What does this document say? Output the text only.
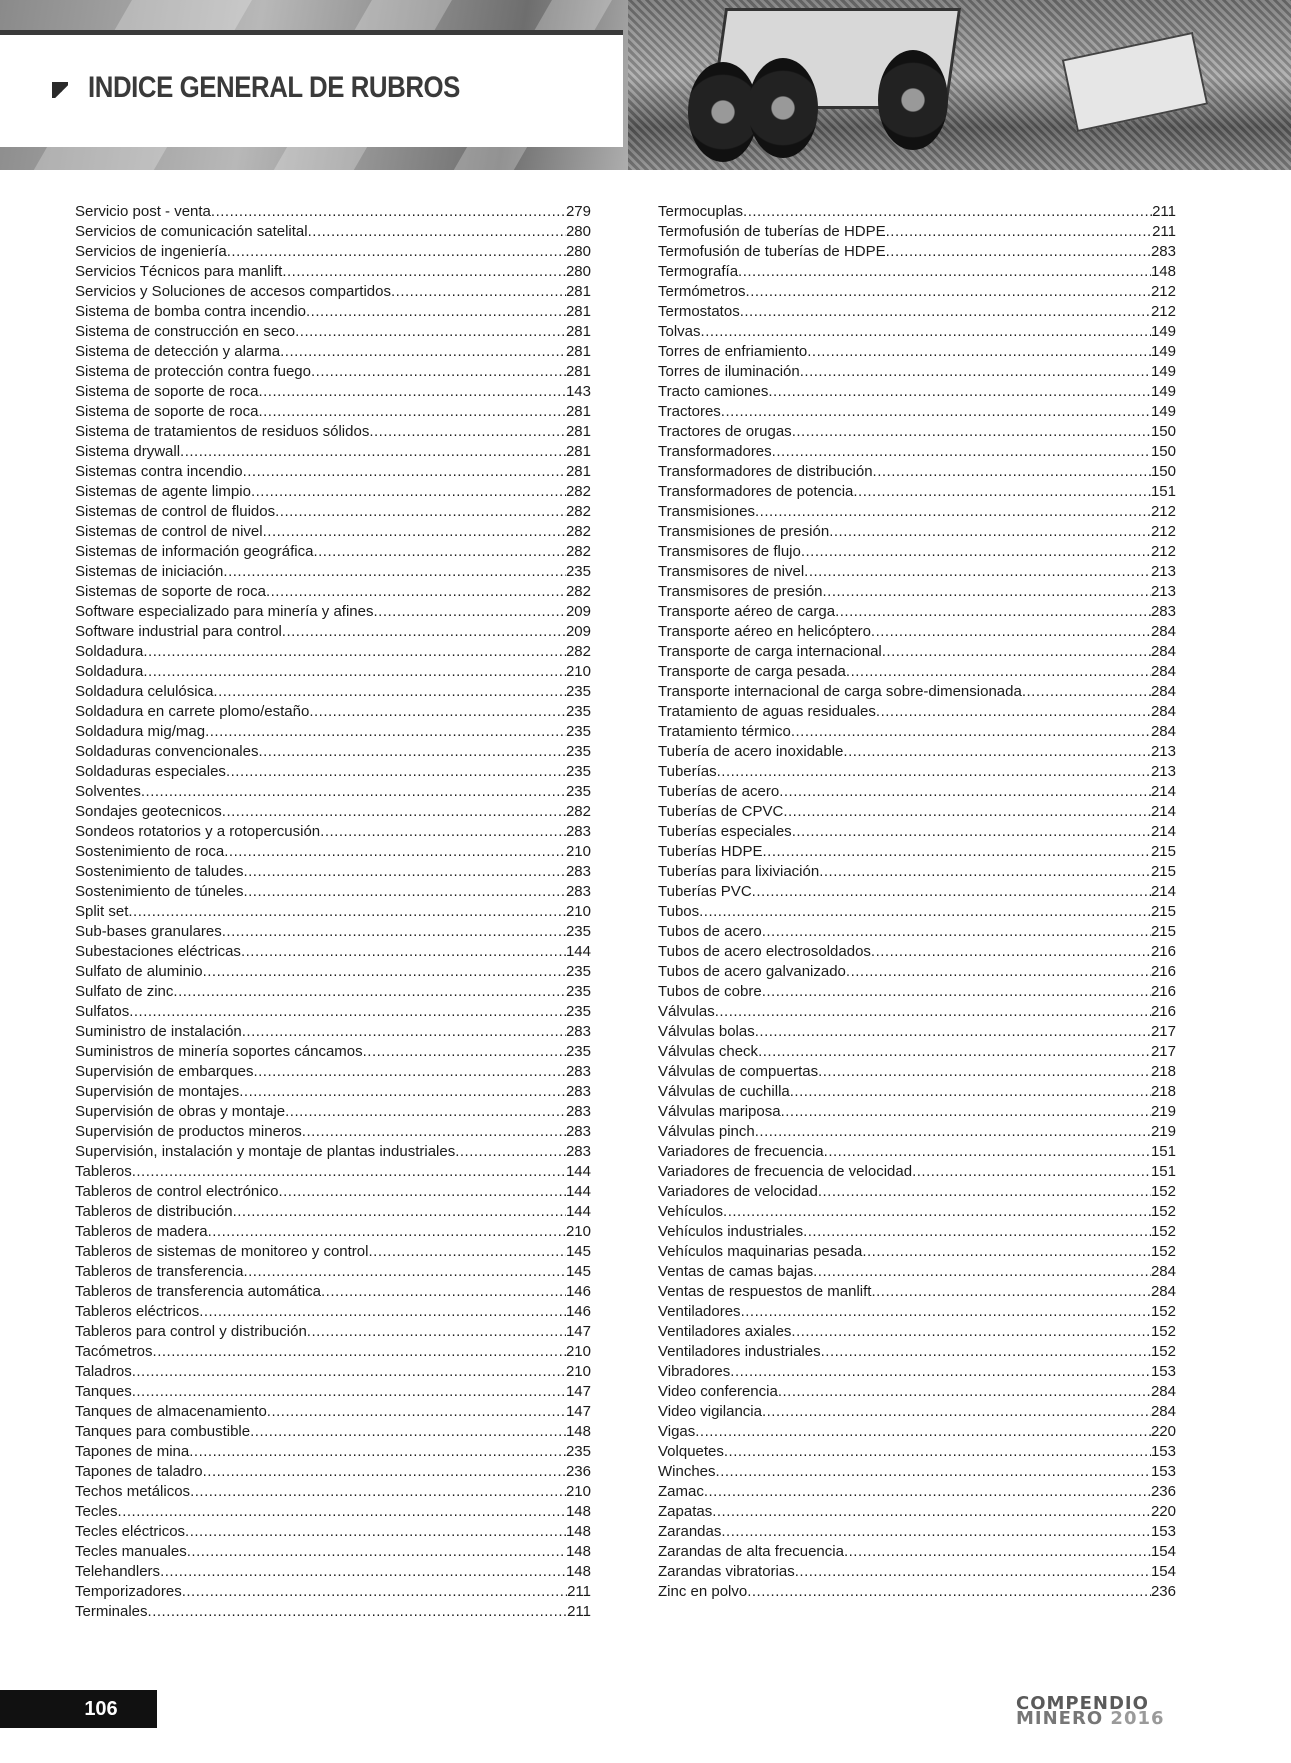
INDICE GENERAL DE RUBROS
Servicio post - venta .....	279
Servicios de comunicación satelital .....	280
Servicios de ingeniería .....	280
Servicios Técnicos para manlift .....	280
Servicios y Soluciones de accesos compartidos .....	281
Sistema de bomba contra incendio .....	281
Sistema de construcción en seco .....	281
Sistema de detección y alarma .....	281
Sistema de protección contra fuego .....	281
Sistema de soporte de roca .....	143
Sistema de soporte de roca .....	281
Sistema de tratamientos de residuos sólidos .....	281
Sistema drywall .....	281
Sistemas contra incendio .....	281
Sistemas de agente limpio .....	282
Sistemas de control de fluidos .....	282
Sistemas de control de nivel .....	282
Sistemas de información geográfica .....	282
Sistemas de iniciación .....	235
Sistemas de soporte de roca .....	282
Software especializado para minería y afines .....	209
Software industrial para control .....	209
Soldadura .....	282
Soldadura .....	210
Soldadura celulósica .....	235
Soldadura en carrete plomo/estaño .....	235
Soldadura mig/mag .....	235
Soldaduras convencionales .....	235
Soldaduras especiales .....	235
Solventes .....	235
Sondajes geotecnicos .....	282
Sondeos rotatorios y a rotopercusión .....	283
Sostenimiento de roca .....	210
Sostenimiento de taludes .....	283
Sostenimiento de túneles .....	283
Split set .....	210
Sub-bases granulares .....	235
Subestaciones eléctricas .....	144
Sulfato de aluminio .....	235
Sulfato de zinc .....	235
Sulfatos .....	235
Suministro de instalación .....	283
Suministros de minería soportes cáncamos .....	235
Supervisión de embarques .....	283
Supervisión de montajes .....	283
Supervisión de obras y montaje .....	283
Supervisión de productos mineros .....	283
Supervisión, instalación y montaje de plantas industriales .....	283
Tableros .....	144
Tableros de control electrónico .....	144
Tableros de distribución .....	144
Tableros de madera .....	210
Tableros de sistemas de monitoreo y control .....	145
Tableros de transferencia .....	145
Tableros de transferencia automática .....	146
Tableros eléctricos .....	146
Tableros para control y distribución .....	147
Tacómetros .....	210
Taladros .....	210
Tanques .....	147
Tanques de almacenamiento .....	147
Tanques para combustible .....	148
Tapones de mina .....	235
Tapones de taladro .....	236
Techos metálicos .....	210
Tecles .....	148
Tecles eléctricos .....	148
Tecles manuales .....	148
Telehandlers .....	148
Temporizadores .....	211
Terminales .....	211
Termocuplas .....	211
Termofusión de tuberías de HDPE .....	211
Termofusión de tuberías de HDPE .....	283
Termografía .....	148
Termómetros .....	212
Termostatos .....	212
Tolvas .....	149
Torres de enfriamiento .....	149
Torres de iluminación .....	149
Tracto camiones .....	149
Tractores .....	149
Tractores de orugas .....	150
Transformadores .....	150
Transformadores de distribución .....	150
Transformadores de potencia .....	151
Transmisiones .....	212
Transmisiones de presión .....	212
Transmisores de flujo .....	212
Transmisores de nivel .....	213
Transmisores de presión .....	213
Transporte aéreo de carga .....	283
Transporte aéreo en helicóptero .....	284
Transporte de carga internacional .....	284
Transporte de carga pesada .....	284
Transporte internacional de carga sobre-dimensionada .....	284
Tratamiento de aguas residuales .....	284
Tratamiento térmico .....	284
Tubería de acero inoxidable .....	213
Tuberías .....	213
Tuberías de acero .....	214
Tuberías de CPVC .....	214
Tuberías especiales .....	214
Tuberías HDPE .....	215
Tuberías para lixiviación .....	215
Tuberías PVC .....	214
Tubos .....	215
Tubos de acero .....	215
Tubos de acero electrosoldados .....	216
Tubos de acero galvanizado .....	216
Tubos de cobre .....	216
Válvulas .....	216
Válvulas bolas .....	217
Válvulas check .....	217
Válvulas de compuertas .....	218
Válvulas de cuchilla .....	218
Válvulas mariposa .....	219
Válvulas pinch .....	219
Variadores de frecuencia .....	151
Variadores de frecuencia de velocidad .....	151
Variadores de velocidad .....	152
Vehículos .....	152
Vehículos industriales .....	152
Vehículos maquinarias pesada .....	152
Ventas de camas bajas .....	284
Ventas de respuestos de manlift .....	284
Ventiladores .....	152
Ventiladores axiales .....	152
Ventiladores industriales .....	152
Vibradores .....	153
Video conferencia .....	284
Video vigilancia .....	284
Vigas .....	220
Volquetes .....	153
Winches .....	153
Zamac .....	236
Zapatas .....	220
Zarandas .....	153
Zarandas de alta frecuencia .....	154
Zarandas vibratorias .....	154
Zinc en polvo .....	236
106	COMPENDIO
MINERO 2016
